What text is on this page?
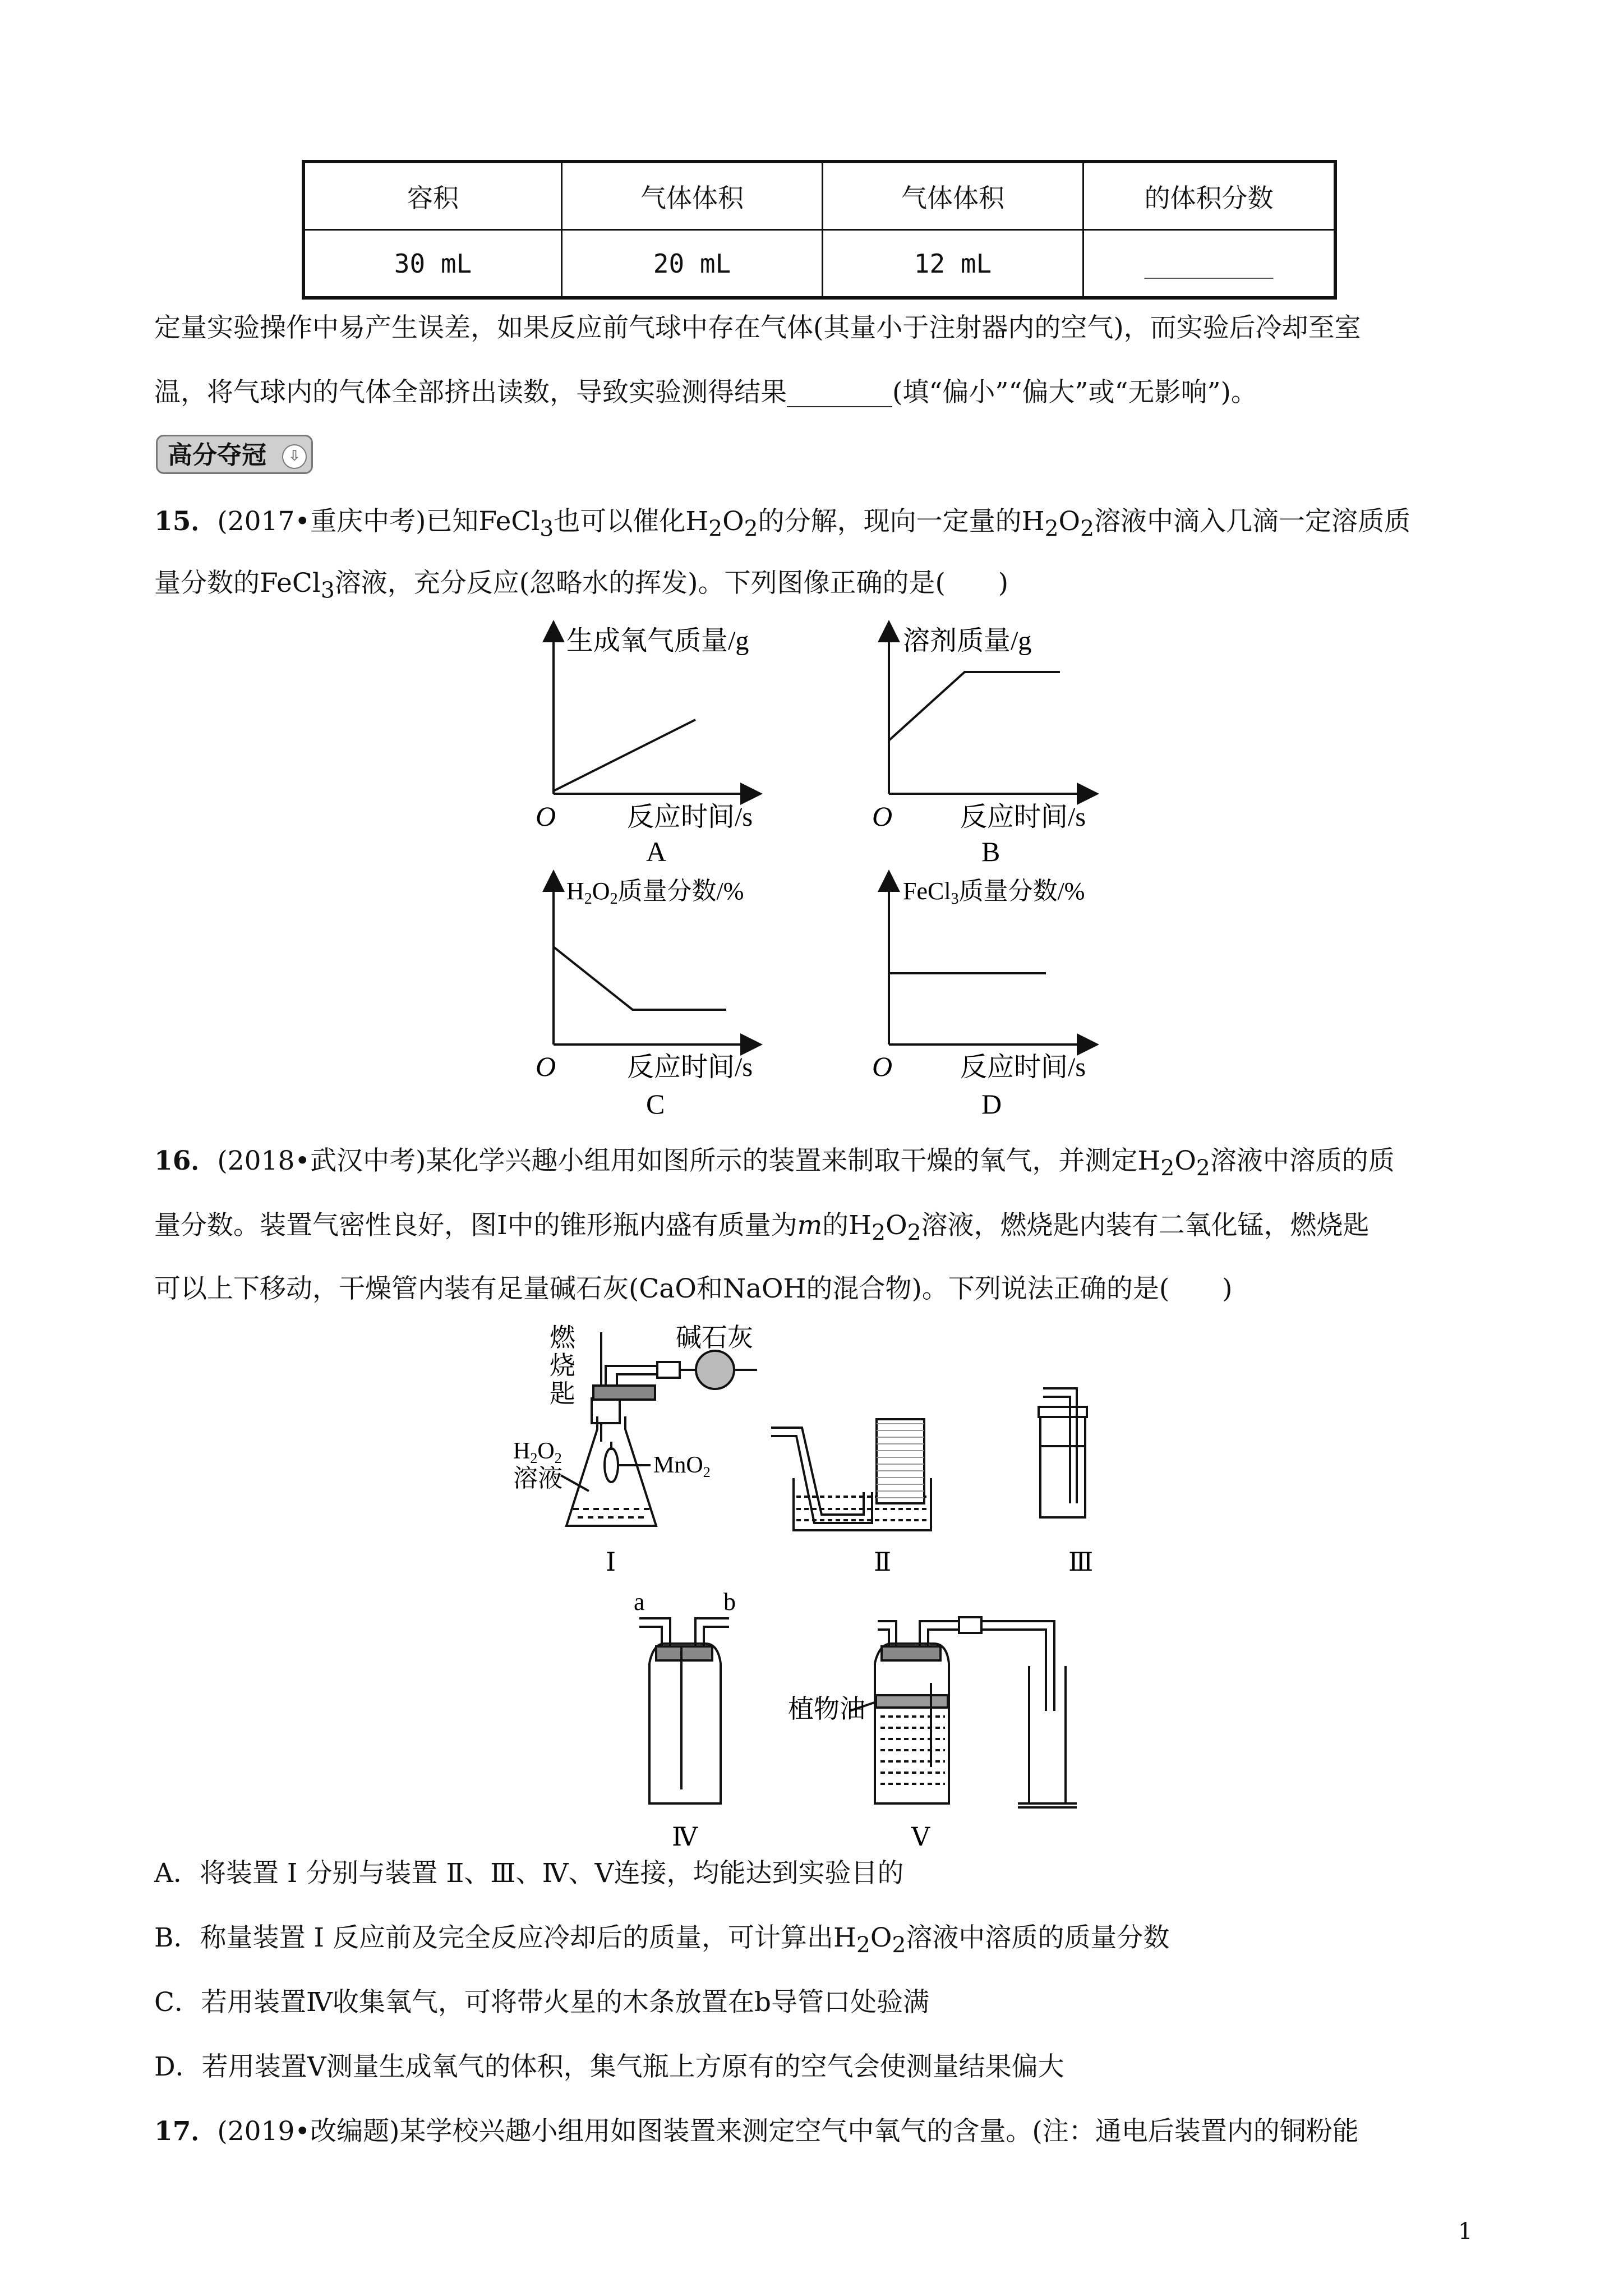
容积	气体体积	气体体积	的体积分数
30 mL	20 mL	12 mL	__________
定量实验操作中易产生误差，如果反应前气球中存在气体(其量小于注射器内的空气)，而实验后冷却至室
温，将气球内的气体全部挤出读数，导致实验测得结果________(填“偏小”“偏大”或“无影响”)。
高分夺冠	⇩
15．(2017•重庆中考)已知FeCl$_3$也可以催化$H_2O_2$的分解，现向一定量的$H_2O_2$溶液中滴入几滴一定溶质质
量分数的FeCl$_3$溶液，充分反应(忽略水的挥发)。下列图像正确的是(　　)
生成氧气质量/g
O	反应时间/s
A
溶剂质量/g
O	反应时间/s
B
H2O2质量分数/%
O	反应时间/s
C
FeCl3质量分数/%
O	反应时间/s
D
16．(2018•武汉中考)某化学兴趣小组用如图所示的装置来制取干燥的氧气，并测定$H_2O_2$溶液中溶质的质
量分数。装置气密性良好，图Ⅰ中的锥形瓶内盛有质量为m的$H_2O_2$溶液，燃烧匙内装有二氧化锰，燃烧匙
可以上下移动，干燥管内装有足量碱石灰(CaO和NaOH的混合物)。下列说法正确的是(　　)
燃烧匙
碱石灰
H2O2
溶液	MnO2
植物油
a	b
Ⅰ	Ⅱ	Ⅲ
Ⅳ	Ⅴ
A．将装置 Ⅰ 分别与装置 Ⅱ、Ⅲ、Ⅳ、Ⅴ连接，均能达到实验目的
B．称量装置 Ⅰ 反应前及完全反应冷却后的质量，可计算出$H_2O_2$溶液中溶质的质量分数
C．若用装置Ⅳ收集氧气，可将带火星的木条放置在b导管口处验满
D．若用装置Ⅴ测量生成氧气的体积，集气瓶上方原有的空气会使测量结果偏大
17．(2019•改编题)某学校兴趣小组用如图装置来测定空气中氧气的含量。(注：通电后装置内的铜粉能
1
